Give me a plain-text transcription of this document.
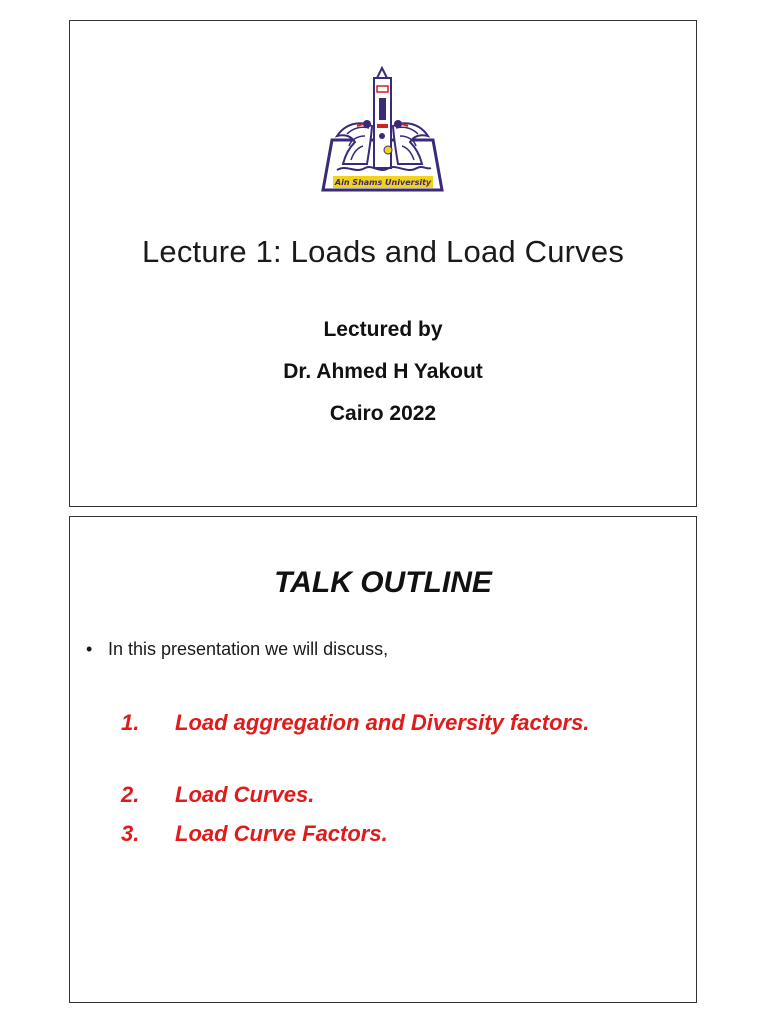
Ain Shams University
Lecture 1: Loads and Load Curves
Lectured by
Dr. Ahmed H Yakout
Cairo 2022
TALK OUTLINE
• In this presentation we will discuss,
1. Load aggregation and Diversity factors.
2. Load Curves.
3. Load Curve Factors.
